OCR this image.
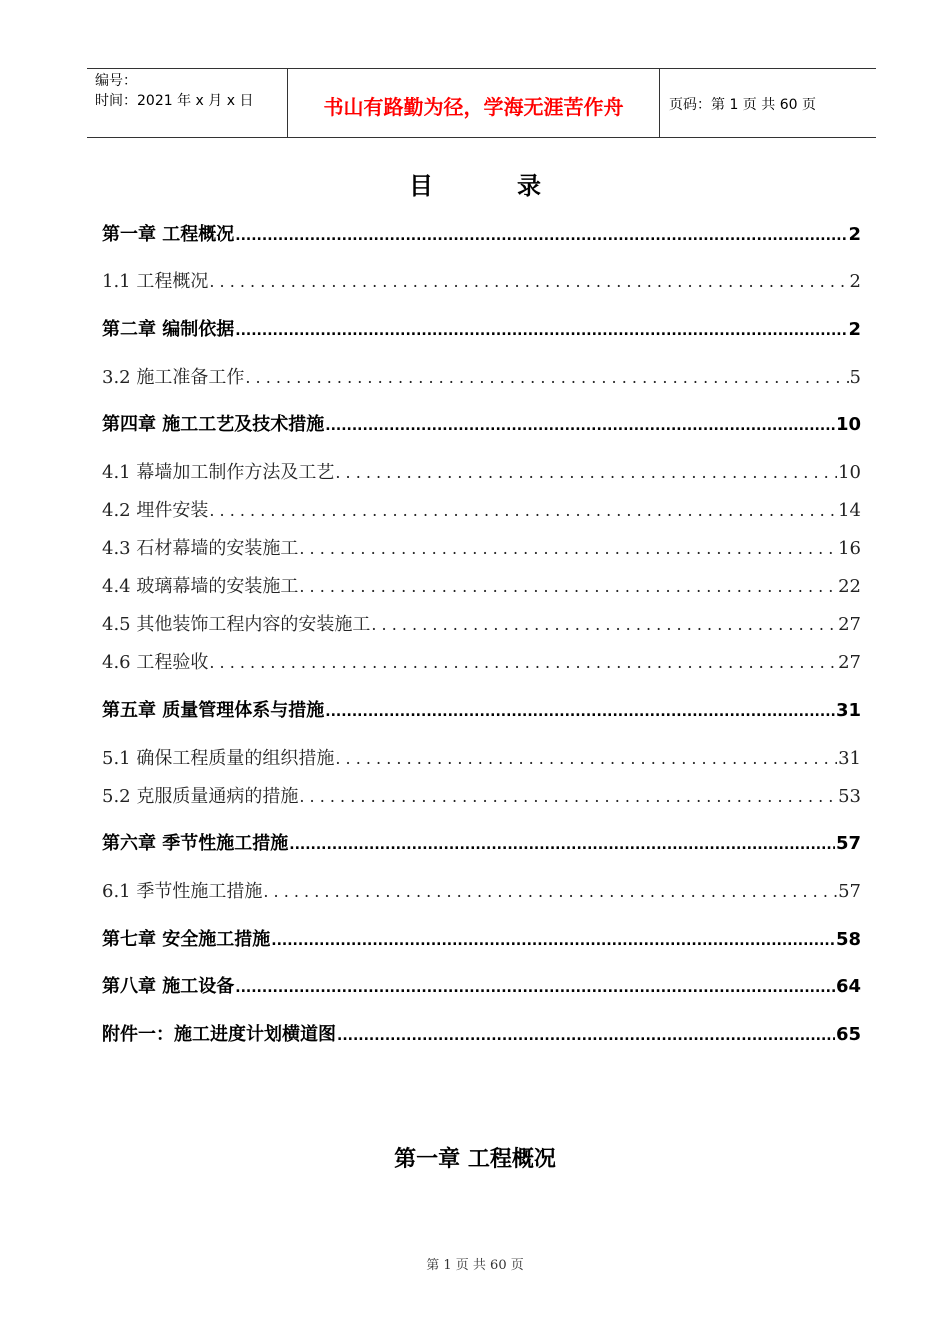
编号：
时间：2021 年 x 月 x 日	书山有路勤为径，学海无涯苦作舟	页码：第 1 页 共 60 页
目	录
第一章 工程概况 .....	2
1.1 工程概况 . . .	2
第二章 编制依据 .....	2
3.2 施工准备工作 . . .	5
第四章 施工工艺及技术措施 .....	10
4.1 幕墙加工制作方法及工艺 . . .	10
4.2 埋件安装 . . .	14
4.3 石材幕墙的安装施工 . . .	16
4.4 玻璃幕墙的安装施工 . . .	22
4.5 其他装饰工程内容的安装施工 . . .	27
4.6 工程验收 . . .	27
第五章 质量管理体系与措施 .....	31
5.1 确保工程质量的组织措施 . . .	31
5.2 克服质量通病的措施 . . .	53
第六章 季节性施工措施 .....	57
6.1 季节性施工措施 . . .	57
第七章 安全施工措施 .....	58
第八章 施工设备 .....	64
附件一：施工进度计划横道图 .....	65
第一章 工程概况
第 1 页 共 60 页
